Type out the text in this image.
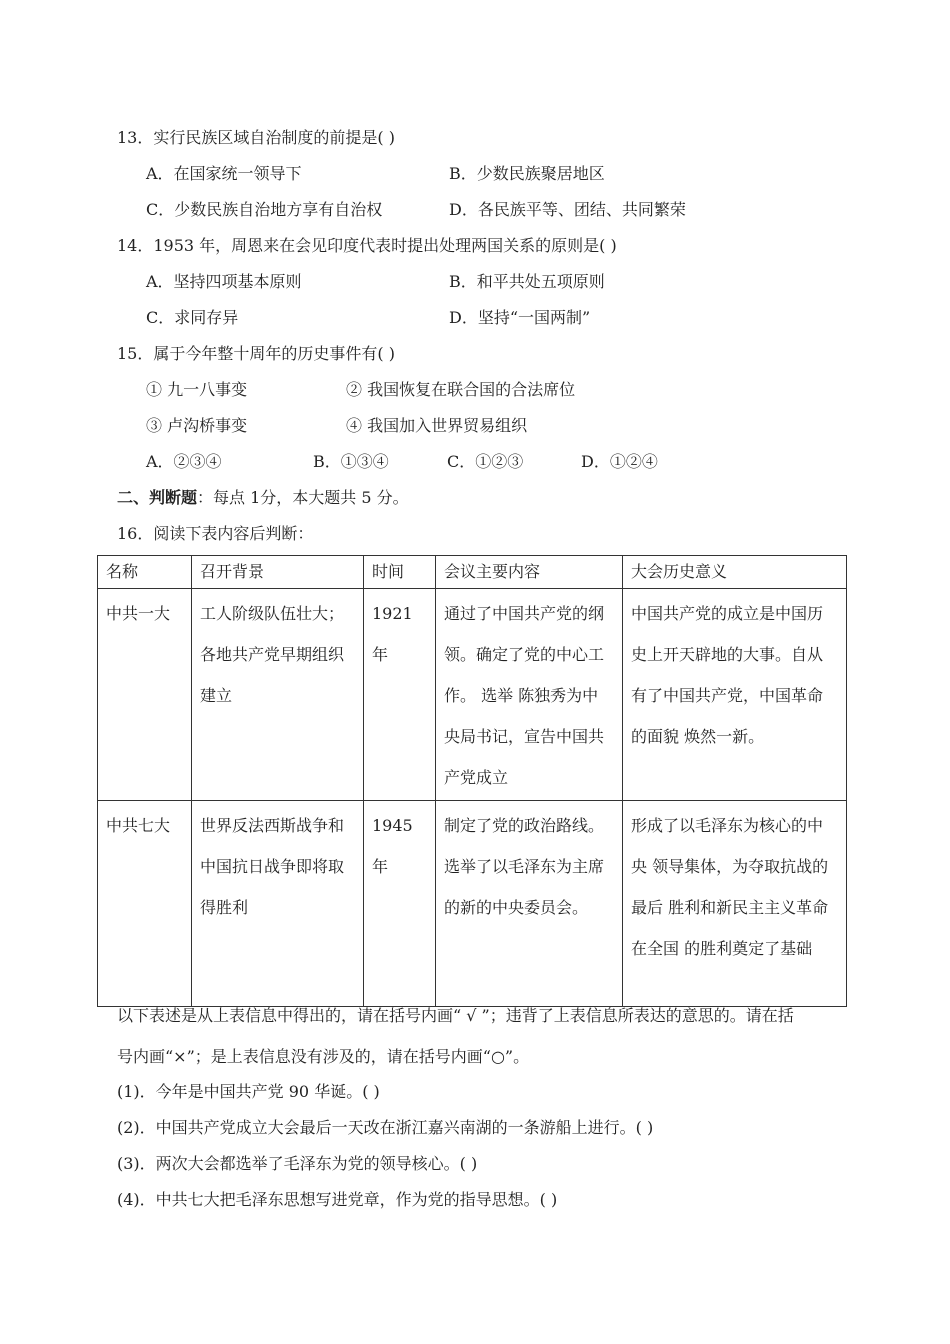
13．实行民族区域自治制度的前提是( )
A．在国家统一领导下	B．少数民族聚居地区
C．少数民族自治地方享有自治权	D．各民族平等、团结、共同繁荣
14．1953 年，周恩来在会见印度代表时提出处理两国关系的原则是( )
A．坚持四项基本原则	B．和平共处五项原则
C．求同存异	D．坚持“一国两制”
15．属于今年整十周年的历史事件有( )
① 九一八事变	② 我国恢复在联合国的合法席位
③ 卢沟桥事变	④ 我国加入世界贸易组织
A．②③④	B．①③④	C．①②③	D．①②④
二、判断题：每点 1分，本大题共 5 分。
16．阅读下表内容后判断：
名称	召开背景	时间	会议主要内容	大会历史意义
中共一大	工人阶级队伍壮大；各地共产党早期组织建立	1921 年	通过了中国共产党的纲领。确定了党的中心工作。 选举 陈独秀为中央局书记，宣告中国共产党成立	中国共产党的成立是中国历史上开天辟地的大事。自从有了中国共产党，中国革命的面貌 焕然一新。
中共七大	世界反法西斯战争和中国抗日战争即将取得胜利	1945 年	制定了党的政治路线。选举了以毛泽东为主席的新的中央委员会。	形成了以毛泽东为核心的中央 领导集体，为夺取抗战的最后 胜利和新民主主义革命在全国 的胜利奠定了基础
以下表述是从上表信息中得出的，请在括号内画“ √ ”；违背了上表信息所表达的意思的。请在括
号内画“×”；是上表信息没有涉及的，请在括号内画“○”。
(1)．今年是中国共产党 90 华诞。( )
(2)．中国共产党成立大会最后一天改在浙江嘉兴南湖的一条游船上进行。( )
(3)．两次大会都选举了毛泽东为党的领导核心。( )
(4)．中共七大把毛泽东思想写进党章，作为党的指导思想。( )
